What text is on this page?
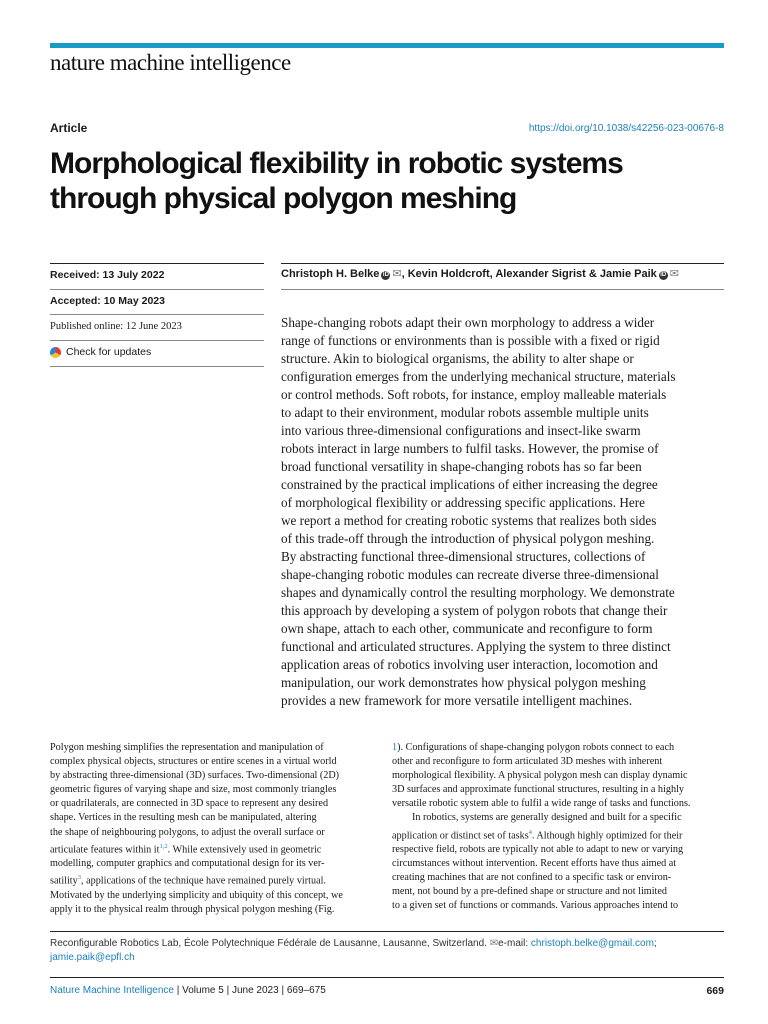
nature machine intelligence
Article	https://doi.org/10.1038/s42256-023-00676-8
Morphological flexibility in robotic systems
through physical polygon meshing
Received: 13 July 2022
Accepted: 10 May 2023
Published online: 12 June 2023
Check for updates
Christoph H. Belke iD ✉, Kevin Holdcroft, Alexander Sigrist & Jamie Paik iD ✉
Shape-changing robots adapt their own morphology to address a wider
range of functions or environments than is possible with a fixed or rigid
structure. Akin to biological organisms, the ability to alter shape or
configuration emerges from the underlying mechanical structure, materials
or control methods. Soft robots, for instance, employ malleable materials
to adapt to their environment, modular robots assemble multiple units
into various three-dimensional configurations and insect-like swarm
robots interact in large numbers to fulfil tasks. However, the promise of
broad functional versatility in shape-changing robots has so far been
constrained by the practical implications of either increasing the degree
of morphological flexibility or addressing specific applications. Here
we report a method for creating robotic systems that realizes both sides
of this trade-off through the introduction of physical polygon meshing.
By abstracting functional three-dimensional structures, collections of
shape-changing robotic modules can recreate diverse three-dimensional
shapes and dynamically control the resulting morphology. We demonstrate
this approach by developing a system of polygon robots that change their
own shape, attach to each other, communicate and reconfigure to form
functional and articulated structures. Applying the system to three distinct
application areas of robotics involving user interaction, locomotion and
manipulation, our work demonstrates how physical polygon meshing
provides a new framework for more versatile intelligent machines.
Polygon meshing simplifies the representation and manipulation of
complex physical objects, structures or entire scenes in a virtual world
by abstracting three-dimensional (3D) surfaces. Two-dimensional (2D)
geometric figures of varying shape and size, most commonly triangles
or quadrilaterals, are connected in 3D space to represent any desired
shape. Vertices in the resulting mesh can be manipulated, altering
the shape of neighbouring polygons, to adjust the overall surface or
articulate features within it$^{1,2}$. While extensively used in geometric
modelling, computer graphics and computational design for its ver-
satility$^3$, applications of the technique have remained purely virtual.
Motivated by the underlying simplicity and ubiquity of this concept, we
apply it to the physical realm through physical polygon meshing (Fig.
1). Configurations of shape-changing polygon robots connect to each
other and reconfigure to form articulated 3D meshes with inherent
morphological flexibility. A physical polygon mesh can display dynamic
3D surfaces and approximate functional structures, resulting in a highly
versatile robotic system able to fulfil a wide range of tasks and functions.
In robotics, systems are generally designed and built for a specific
application or distinct set of tasks$^4$. Although highly optimized for their
respective field, robots are typically not able to adapt to new or varying
circumstances without intervention. Recent efforts have thus aimed at
creating machines that are not confined to a specific task or environ-
ment, not bound by a pre-defined shape or structure and not limited
to a given set of functions or commands. Various approaches intend to
Reconfigurable Robotics Lab, École Polytechnique Fédérale de Lausanne, Lausanne, Switzerland. ✉e-mail: christoph.belke@gmail.com;
jamie.paik@epfl.ch
Nature Machine Intelligence | Volume 5 | June 2023 | 669–675	669
